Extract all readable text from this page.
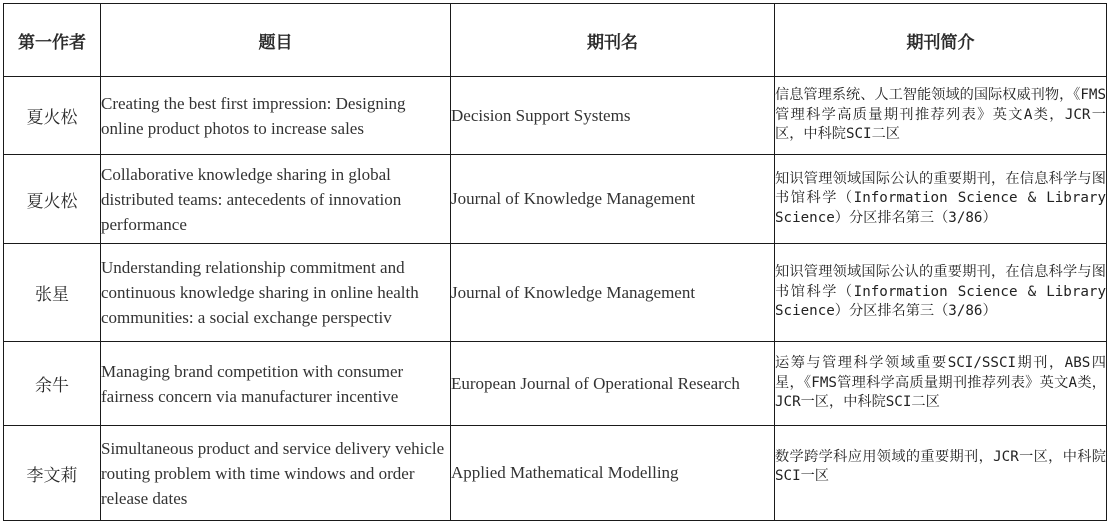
第一作者	题目	期刊名	期刊简介
夏火松	Creating the best first impression: Designing online product photos to increase sales	Decision Support Systems	信息管理系统、人工智能领域的国际权威刊物，《FMS管理科学高质量期刊推荐列表》英文A类，JCR一区，中科院SCI二区
夏火松	Collaborative knowledge sharing in global distributed teams: antecedents of innovation performance	Journal of Knowledge Management	知识管理领域国际公认的重要期刊，在信息科学与图书馆科学（Information Science & Library Science）分区排名第三（3/86）
张星	Understanding relationship commitment and continuous knowledge sharing in online health communities: a social exchange perspectiv	Journal of Knowledge Management	知识管理领域国际公认的重要期刊，在信息科学与图书馆科学（Information Science & Library Science）分区排名第三（3/86）
余牛	Managing brand competition with consumer fairness concern via manufacturer incentive	European Journal of Operational Research	运筹与管理科学领域重要SCI/SSCI期刊，ABS四星，《FMS管理科学高质量期刊推荐列表》英文A类，JCR一区，中科院SCI二区
李文莉	Simultaneous product and service delivery vehicle routing problem with time windows and order release dates	Applied Mathematical Modelling	数学跨学科应用领域的重要期刊，JCR一区，中科院SCI一区
